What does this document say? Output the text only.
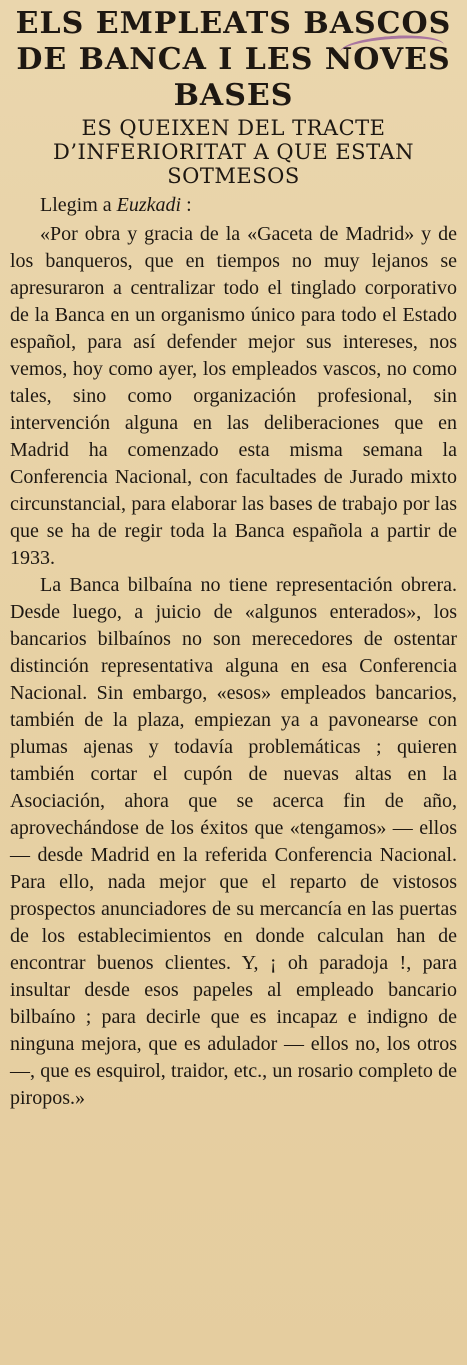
ELS EMPLEATS BASCOS DE BANCA I LES NOVES BASES
ES QUEIXEN DEL TRACTE D’INFERIORITAT A QUE ESTAN SOTMESOS

Llegim a Euzkadi :

«Por obra y gracia de la «Gaceta de Madrid» y de los banqueros, que en tiempos no muy lejanos se apresuraron a centralizar todo el tinglado corporativo de la Banca en un organismo único para todo el Estado español, para así defender mejor sus intereses, nos vemos, hoy como ayer, los empleados vascos, no como tales, sino como organización profesional, sin intervención alguna en las deliberaciones que en Madrid ha comenzado esta misma semana la Conferencia Nacional, con facultades de Jurado mixto circunstancial, para elaborar las bases de trabajo por las que se ha de regir toda la Banca española a partir de 1933.

La Banca bilbaína no tiene representación obrera. Desde luego, a juicio de «algunos enterados», los bancarios bilbaínos no son merecedores de ostentar distinción representativa alguna en esa Conferencia Nacional. Sin embargo, «esos» empleados bancarios, también de la plaza, empiezan ya a pavonearse con plumas ajenas y todavía problemáticas ; quieren también cortar el cupón de nuevas altas en la Asociación, ahora que se acerca fin de año, aprovechándose de los éxitos que «tengamos» — ellos — desde Madrid en la referida Conferencia Nacional. Para ello, nada mejor que el reparto de vistosos prospectos anunciadores de su mercancía en las puertas de los establecimientos en donde calculan han de encontrar buenos clientes. Y, ¡ oh paradoja !, para insultar desde esos papeles al empleado bancario bilbaíno ; para decirle que es incapaz e indigno de ninguna mejora, que es adulador — ellos no, los otros —, que es esquirol, traidor, etc., un rosario completo de piropos.»
